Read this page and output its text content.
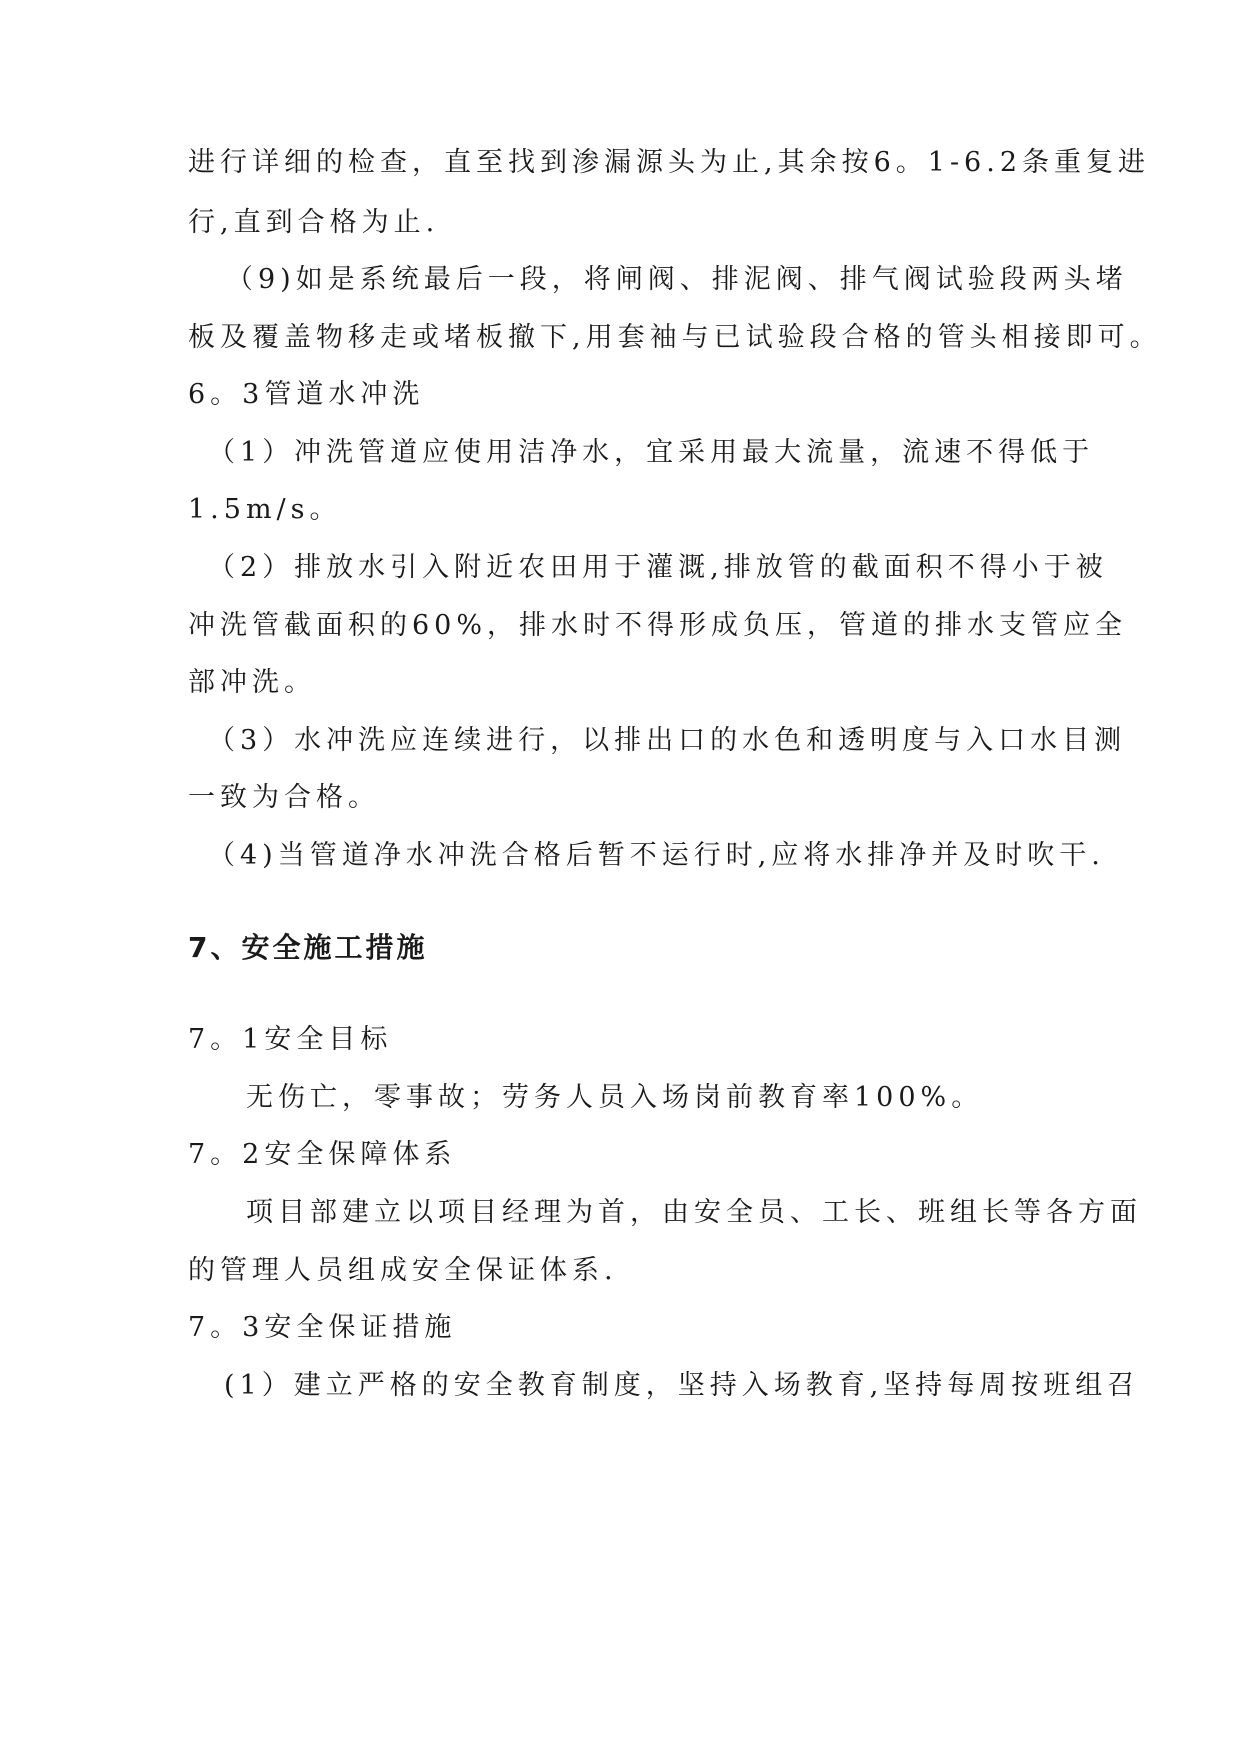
进行详细的检查，直至找到渗漏源头为止,其余按6。1-6.2条重复进
行,直到合格为止.
（9)如是系统最后一段，将闸阀、排泥阀、排气阀试验段两头堵
板及覆盖物移走或堵板撤下,用套袖与已试验段合格的管头相接即可。
6。3管道水冲洗
（1）冲洗管道应使用洁净水，宜采用最大流量，流速不得低于
1.5m/s。
（2）排放水引入附近农田用于灌溉,排放管的截面积不得小于被
冲洗管截面积的60%，排水时不得形成负压，管道的排水支管应全
部冲洗。
（3）水冲洗应连续进行，以排出口的水色和透明度与入口水目测
一致为合格。
（4)当管道净水冲洗合格后暂不运行时,应将水排净并及时吹干.
7、安全施工措施
7。1安全目标
无伤亡，零事故；劳务人员入场岗前教育率100%。
7。2安全保障体系
项目部建立以项目经理为首，由安全员、工长、班组长等各方面
的管理人员组成安全保证体系.
7。3安全保证措施
(1）建立严格的安全教育制度，坚持入场教育,坚持每周按班组召
